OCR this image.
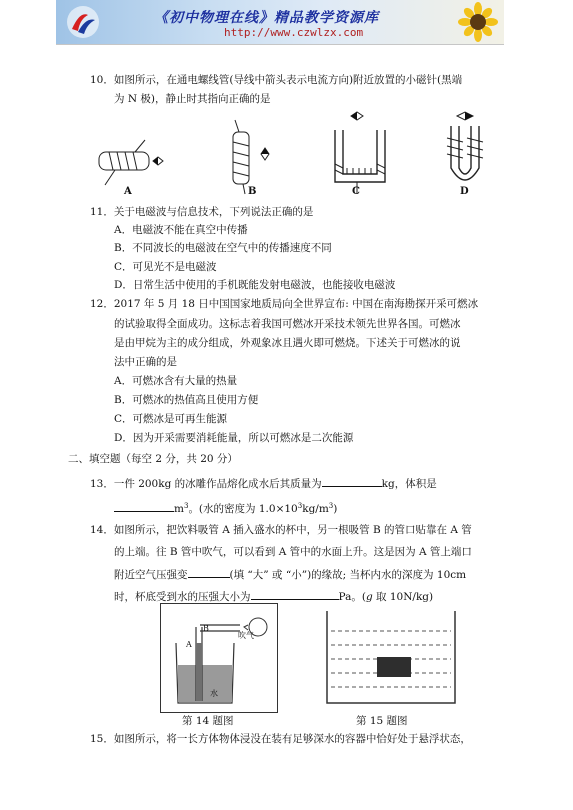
《初中物理在线》精品教学资源库
http://www.czwlzx.com
10．如图所示，在通电螺线管(导线中箭头表示电流方向)附近放置的小磁针(黑端
为 N 极)，静止时其指向正确的是
A	B	C	D
11．关于电磁波与信息技术，下列说法正确的是
A．电磁波不能在真空中传播
B．不同波长的电磁波在空气中的传播速度不同
C．可见光不是电磁波
D．日常生活中使用的手机既能发射电磁波，也能接收电磁波
12．2017 年 5 月 18 日中国国家地质局向全世界宣布: 中国在南海勘探开采可燃冰
的试验取得全面成功。这标志着我国可燃冰开采技术领先世界各国。可燃冰
是由甲烷为主的成分组成，外观象冰且遇火即可燃烧。下述关于可燃冰的说
法中正确的是
A．可燃冰含有大量的热量
B．可燃冰的热值高且使用方便
C．可燃冰是可再生能源
D．因为开采需要消耗能量，所以可燃冰是二次能源
二、填空题（每空 2 分，共 20 分）
13．一件 200kg 的冰雕作品熔化成水后其质量为	kg，体积是
$m^3$。(水的密度为 $1.0\times 10^3kg/m^3$)
14．如图所示，把饮料吸管 A 插入盛水的杯中，另一根吸管 B 的管口贴靠在 A 管
的上端。往 B 管中吹气，可以看到 A 管中的水面上升。这是因为 A 管上端口
附近空气压强变	(填 “大” 或 “小”)的缘故; 当杯内水的深度为 10cm
时，杯底受到水的压强大小为	Pa。(g 取 10N/kg)
B
A
吹气
水
第 14 题图	第 15 题图
15．如图所示，将一长方体物体浸没在装有足够深水的容器中恰好处于悬浮状态，
